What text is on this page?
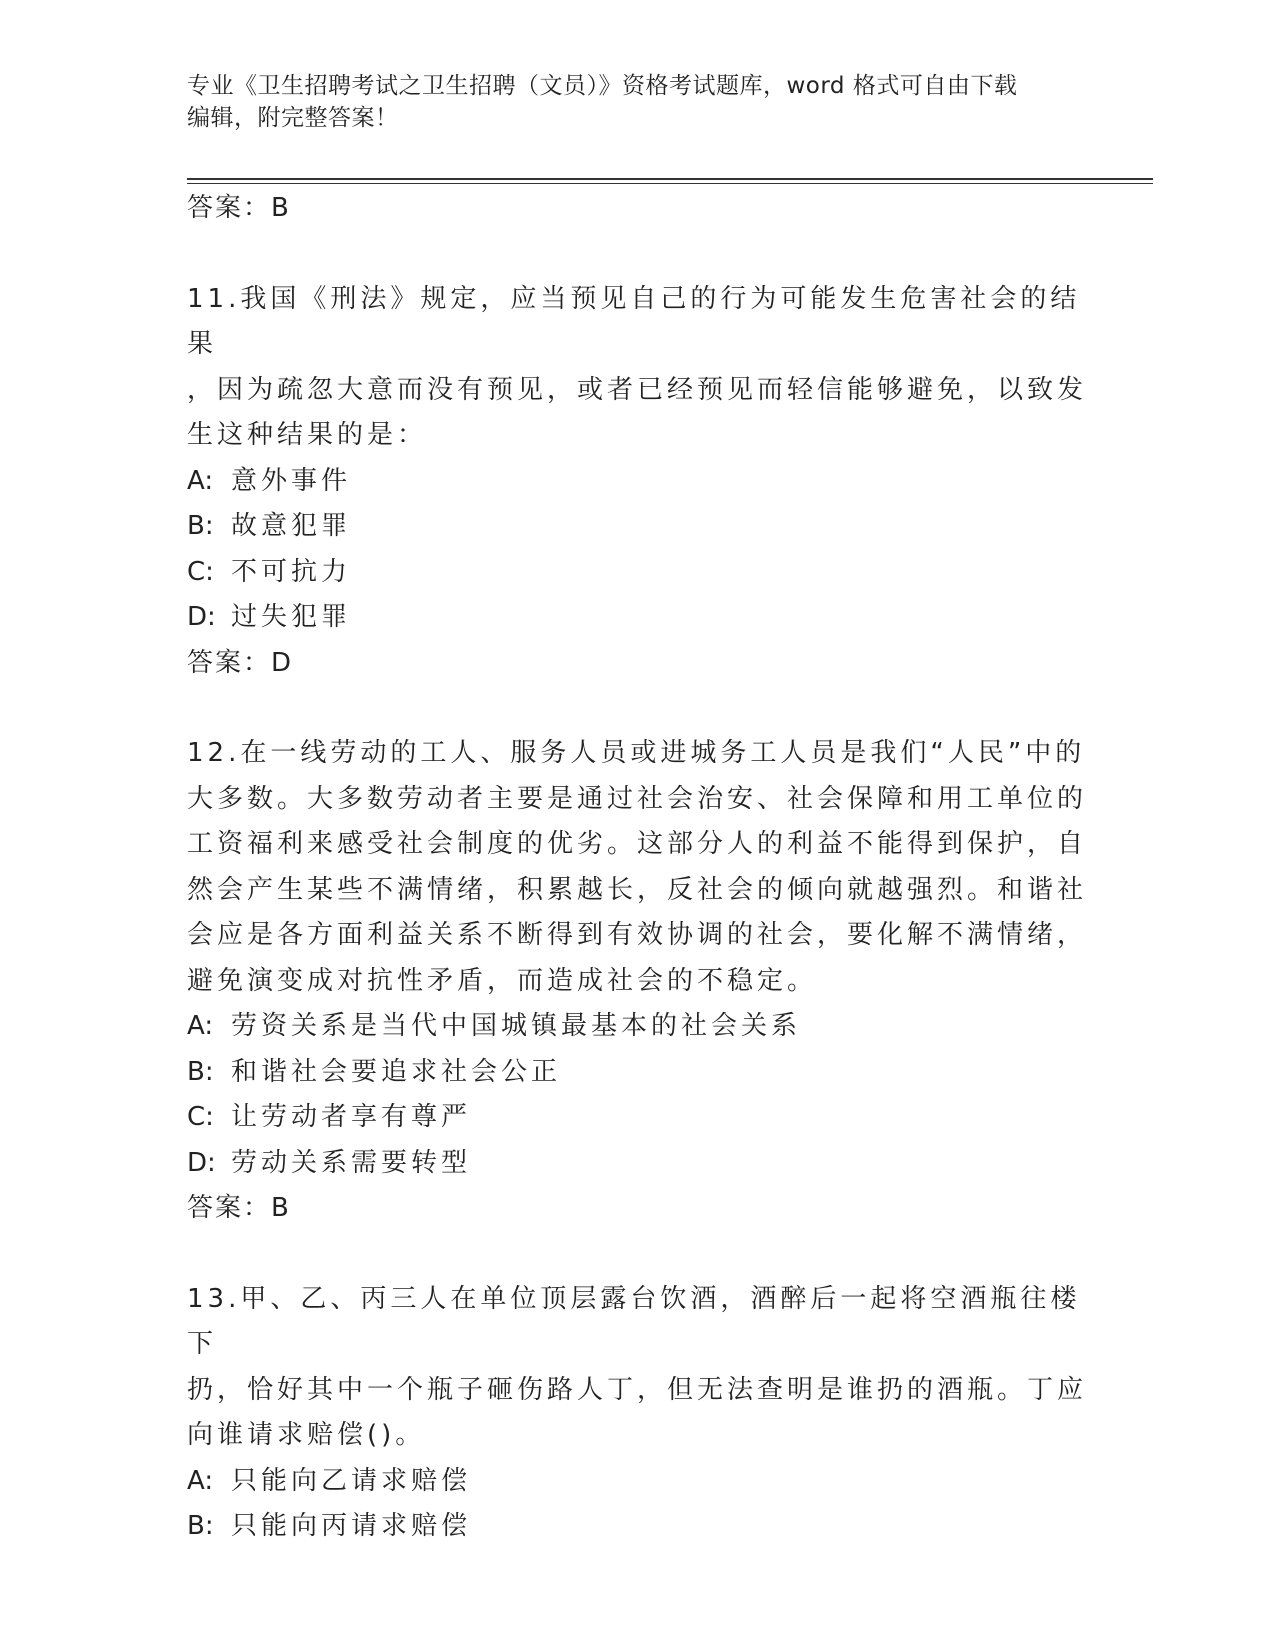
专业《卫生招聘考试之卫生招聘（文员）》资格考试题库，word 格式可自由下载

编辑，附完整答案！

答案：B

11.我国《刑法》规定，应当预见自己的行为可能发生危害社会的结果

，因为疏忽大意而没有预见，或者已经预见而轻信能够避免，以致发

生这种结果的是：

A: 意外事件

B: 故意犯罪

C: 不可抗力

D: 过失犯罪

答案：D

12.在一线劳动的工人、服务人员或进城务工人员是我们“人民”中的

大多数。大多数劳动者主要是通过社会治安、社会保障和用工单位的

工资福利来感受社会制度的优劣。这部分人的利益不能得到保护，自

然会产生某些不满情绪，积累越长，反社会的倾向就越强烈。和谐社

会应是各方面利益关系不断得到有效协调的社会，要化解不满情绪，

避免演变成对抗性矛盾，而造成社会的不稳定。

A: 劳资关系是当代中国城镇最基本的社会关系

B: 和谐社会要追求社会公正

C: 让劳动者享有尊严

D: 劳动关系需要转型

答案：B

13.甲、乙、丙三人在单位顶层露台饮酒，酒醉后一起将空酒瓶往楼下

扔，恰好其中一个瓶子砸伤路人丁，但无法查明是谁扔的酒瓶。丁应

向谁请求赔偿()。

A: 只能向乙请求赔偿

B: 只能向丙请求赔偿
